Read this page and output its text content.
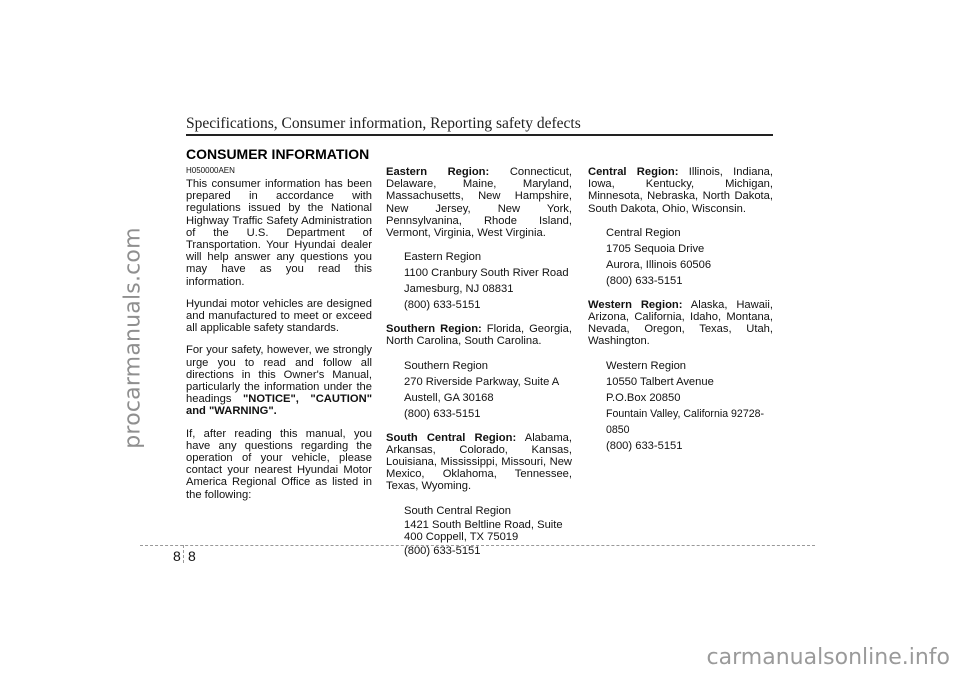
procarmanuals.com
Specifications, Consumer information, Reporting safety defects
CONSUMER INFORMATION
H050000AEN

This consumer information has been prepared in accordance with regulations issued by the National Highway Traffic Safety Administration of the U.S. Department of Transportation. Your Hyundai dealer will help answer any questions you may have as you read this information.

Hyundai motor vehicles are designed and manufactured to meet or exceed all applicable safety standards.

For your safety, however, we strongly urge you to read and follow all directions in this Owner's Manual, particularly the information under the headings "NOTICE", "CAUTION" and "WARNING".

If, after reading this manual, you have any questions regarding the operation of your vehicle, please contact your nearest Hyundai Motor America Regional Office as listed in the following:

Eastern Region: Connecticut, Delaware, Maine, Maryland, Massachusetts, New Hampshire, New Jersey, New York, Pennsylvanina, Rhode Island, Vermont, Virginia, West Virginia.

Eastern Region
1100 Cranbury South River Road
Jamesburg, NJ 08831
(800) 633-5151

Southern Region: Florida, Georgia, North Carolina, South Carolina.

Southern Region
270 Riverside Parkway, Suite A
Austell, GA 30168
(800) 633-5151

South Central Region: Alabama, Arkansas, Colorado, Kansas, Louisiana, Mississippi, Missouri, New Mexico, Oklahoma, Tennessee, Texas, Wyoming.

South Central Region
1421 South Beltline Road, Suite 400 Coppell, TX 75019
(800) 633-5151

Central Region: Illinois, Indiana, Iowa, Kentucky, Michigan, Minnesota, Nebraska, North Dakota, South Dakota, Ohio, Wisconsin.

Central Region
1705 Sequoia Drive
Aurora, Illinois 60506
(800) 633-5151

Western Region: Alaska, Hawaii, Arizona, California, Idaho, Montana, Nevada, Oregon, Texas, Utah, Washington.

Western Region
10550 Talbert Avenue
P.O.Box 20850
Fountain Valley, California 92728-0850
(800) 633-5151
8 8
carmanualsonline.info
